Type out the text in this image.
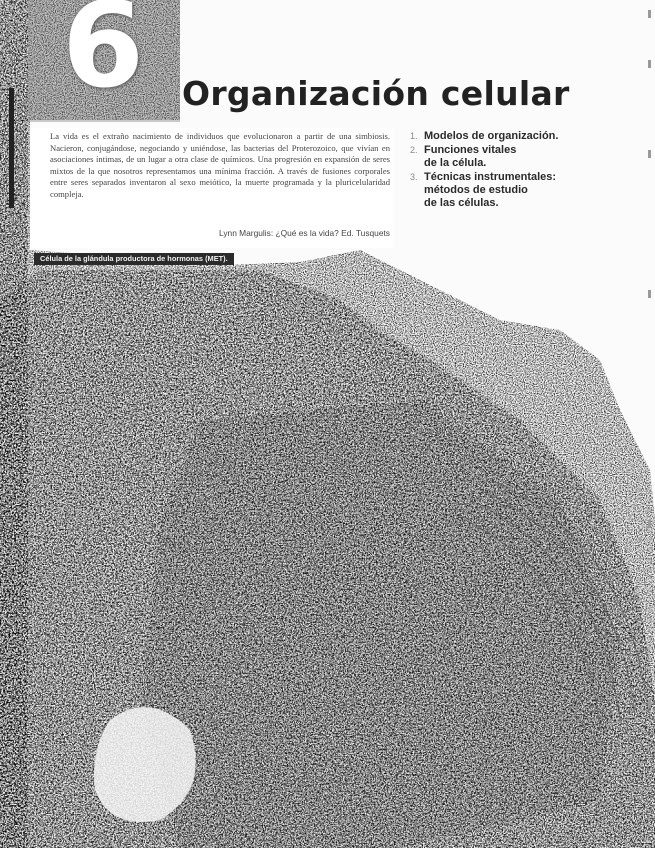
6 Organización celular
La vida es el extraño nacimiento de individuos que evolucionaron a partir de una simbiosis. Nacieron, conjugándose, negociando y uniéndose, las bacterias del Proterozoico, que vivían en asociaciones íntimas, de un lugar a otra clase de químicos. Una progresión en expansión de seres mixtos de la que nosotros representamos una mínima fracción. A través de fusiones corporales entre seres separados inventaron al sexo meiótico, la muerte programada y la pluricelularidad compleja.
Lynn Margulis: ¿Qué es la vida? Ed. Tusquets
1. Modelos de organización.
2. Funciones vitales
de la célula.
3. Técnicas instrumentales:
métodos de estudio
de las células.
Célula de la glándula productora de hormonas (MET).
